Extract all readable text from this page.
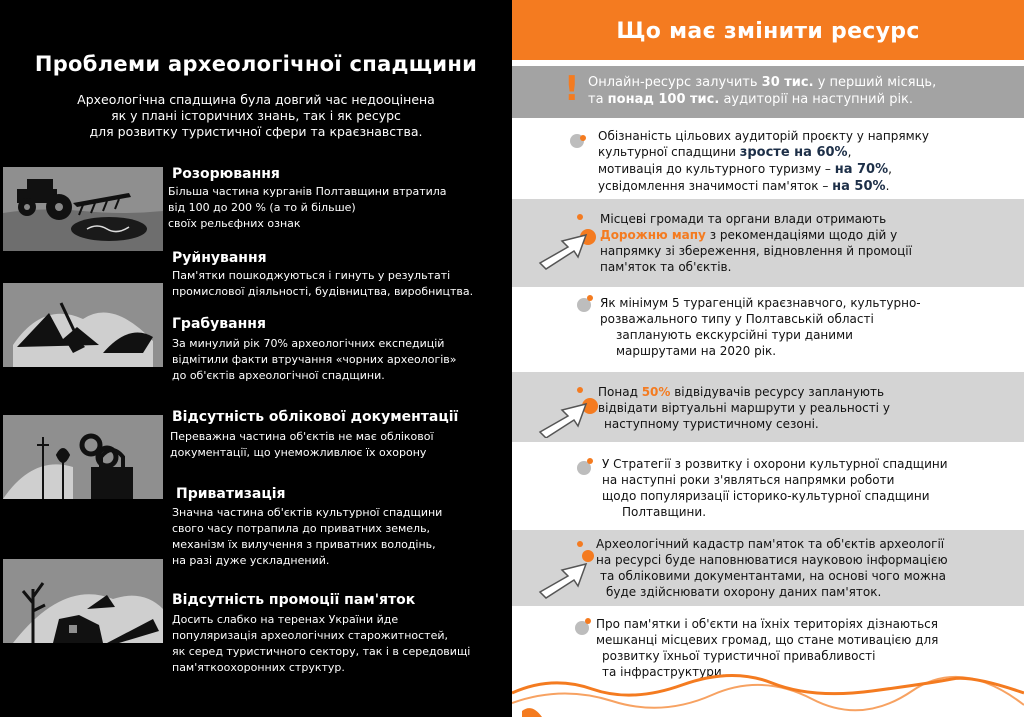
Проблеми археологічної спадщини
Археологічна спадщина була довгий час недооцінена
як у плані історичних знань, так і як ресурс
для розвитку туристичної сфери та краєзнавства.
Розорювання
Більша частина курганів Полтавщини втратила
від 100 до 200 % (а то й більше)
своїх рельєфних ознак
Руйнування
Пам'ятки пошкоджуються і гинуть у результаті
промислової діяльності, будівництва, виробництва.
Грабування
За минулий рік 70% археологічних експедицій
відмітили факти втручання «чорних археологів»
до об'єктів археологічної спадщини.
Відсутність облікової документації
Переважна частина об'єктів не має облікової
документації, що унеможливлює їх охорону
Приватизація
Значна частина об'єктів культурної спадщини
свого часу потрапила до приватних земель,
механізм їх вилучення з приватних володінь,
на разі дуже ускладнений.
Відсутність промоції пам'яток
Досить слабко на теренах України йде
популяризація археологічних старожитностей,
як серед туристичного сектору, так і в середовищі
пам'яткоохоронних структур.
Що має змінити ресурс
! Онлайн-ресурс залучить 30 тис. у перший місяць,
та понад 100 тис. аудиторії на наступний рік.
Обізнаність цільових аудиторій проєкту у напрямку
культурної спадщини зросте на 60%,
мотивація до культурного туризму – на 70%,
усвідомлення значимості пам'яток – на 50%.
Місцеві громади та органи влади отримають
Дорожню мапу з рекомендаціями щодо дій у
напрямку зі збереження, відновлення й промоції
пам'яток та об'єктів.
Як мінімум 5 турагенцій краєзнавчого, культурно-
розважального типу у Полтавській області
запланують екскурсійні тури даними
маршрутами на 2020 рік.
Понад 50% відвідувачів ресурсу запланують
відвідати віртуальні маршрути у реальності у
наступному туристичному сезоні.
У Стратегії з розвитку і охорони культурної спадщини
на наступні роки з'являться напрямки роботи
щодо популяризації історико-культурної спадщини
Полтавщини.
Археологічний кадастр пам'яток та об'єктів археології
на ресурсі буде наповнюватися науковою інформацією
та обліковими документантами, на основі чого можна
буде здійснювати охорону даних пам'яток.
Про пам'ятки і об'єкти на їхніх територіях дізнаються
мешканці місцевих громад, що стане мотивацією для
розвитку їхньої туристичної привабливості
та інфраструктури.
